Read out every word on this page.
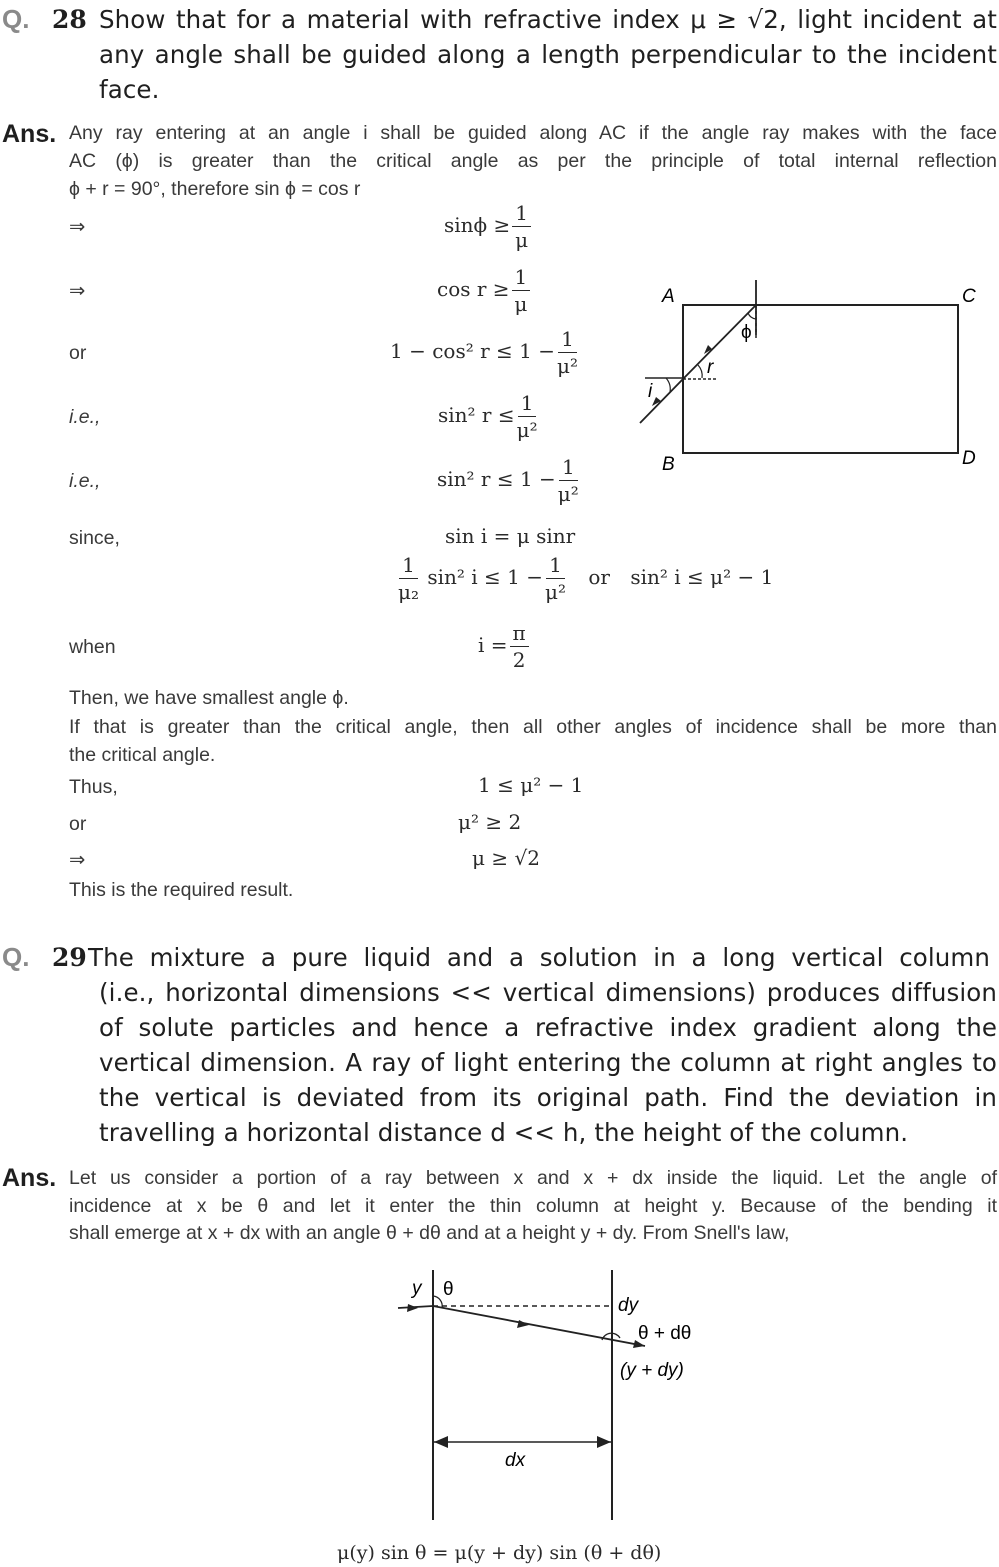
Q. 28 Show that for a material with refractive index μ ≥ √2, light incident at
any angle shall be guided along a length perpendicular to the incident
face.
Ans. Any ray entering at an angle i shall be guided along AC if the angle ray makes with the face
AC (ϕ) is greater than the critical angle as per the principle of total internal reflection
ϕ + r = 90°, therefore sin ϕ = cos r
⇒	$\sin\phi \ge \frac{1}{\mu}$
⇒	$\cos r \ge \frac{1}{\mu}$
or	1 − cos² $r \le 1 - \frac{1}{\text{μ²}}$
i.e.,	sin² $r \le \frac{1}{\text{μ²}}$
i.e.,	sin² $r \le 1 - \frac{1}{\text{μ²}}$
since,	sin i = μ sinr
$\frac{1}{\text{μ₂}} \sin^2$ $i \le 1 - \frac{1}{\text{μ²}}$ or sin² i ≤ μ² − 1
when	$i = \frac{\pi}{2}$
Then, we have smallest angle ϕ.
If that is greater than the critical angle, then all other angles of incidence shall be more than
the critical angle.
Thus,	1 ≤ μ² − 1
or	μ² ≥ 2
⇒	μ ≥ √2
This is the required result.
A	C
B	D
ϕ
r
i
Q. 29 The mixture a pure liquid and a solution in a long vertical column
(i.e., horizontal dimensions << vertical dimensions) produces diffusion
of solute particles and hence a refractive index gradient along the
vertical dimension. A ray of light entering the column at right angles to
the vertical is deviated from its original path. Find the deviation in
travelling a horizontal distance d << h, the height of the column.
Ans. Let us consider a portion of a ray between x and x + dx inside the liquid. Let the angle of
incidence at x be θ and let it enter the thin column at height y. Because of the bending it
shall emerge at x + dx with an angle θ + dθ and at a height y + dy. From Snell's law,
y θ
dy
θ + dθ
(y + dy)
dx
μ(y) sin θ = μ(y + dy) sin (θ + dθ)
